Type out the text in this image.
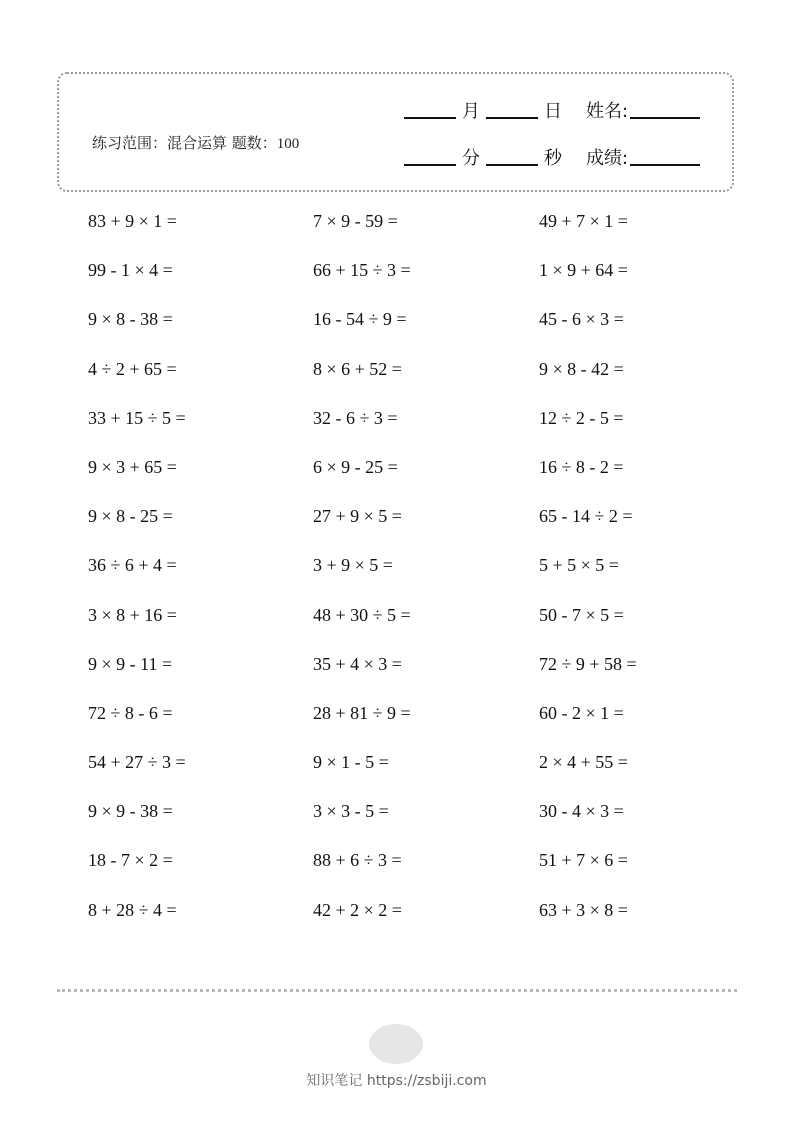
练习范围：混合运算 题数：100
月	日 姓名:
分	秒 成绩:
83 + 9 × 1 =	7 × 9 - 59 =	49 + 7 × 1 =
99 - 1 × 4 =	66 + 15 ÷ 3 =	1 × 9 + 64 =
9 × 8 - 38 =	16 - 54 ÷ 9 =	45 - 6 × 3 =
4 ÷ 2 + 65 =	8 × 6 + 52 =	9 × 8 - 42 =
33 + 15 ÷ 5 =	32 - 6 ÷ 3 =	12 ÷ 2 - 5 =
9 × 3 + 65 =	6 × 9 - 25 =	16 ÷ 8 - 2 =
9 × 8 - 25 =	27 + 9 × 5 =	65 - 14 ÷ 2 =
36 ÷ 6 + 4 =	3 + 9 × 5 =	5 + 5 × 5 =
3 × 8 + 16 =	48 + 30 ÷ 5 =	50 - 7 × 5 =
9 × 9 - 11 =	35 + 4 × 3 =	72 ÷ 9 + 58 =
72 ÷ 8 - 6 =	28 + 81 ÷ 9 =	60 - 2 × 1 =
54 + 27 ÷ 3 =	9 × 1 - 5 =	2 × 4 + 55 =
9 × 9 - 38 =	3 × 3 - 5 =	30 - 4 × 3 =
18 - 7 × 2 =	88 + 6 ÷ 3 =	51 + 7 × 6 =
8 + 28 ÷ 4 =	42 + 2 × 2 =	63 + 3 × 8 =
知识笔记 https://zsbiji.com
